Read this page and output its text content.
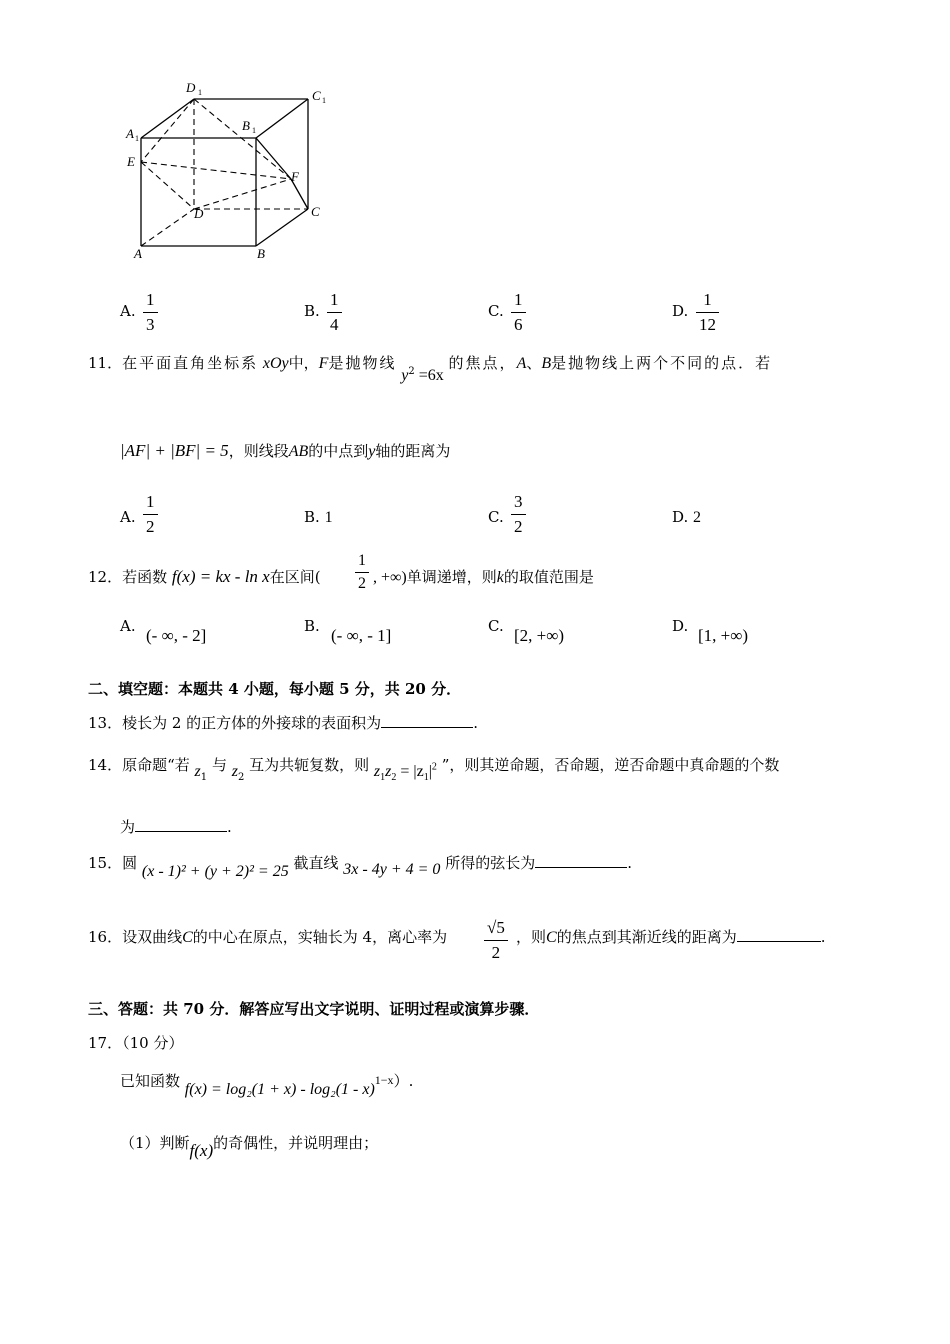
D 1	C 1
A 1
B 1
E
F
D	C
A	B
A.
1
3
B.
1
4
C.
1
6
D.
1
12
11．在平面直角坐标系 xOy中，F是抛物线 $y^2 =6x$ 的焦点，A、B是抛物线上两个不同的点．若
|AF| + |BF| = 5，则线段AB的中点到y轴的距离为
A.
1
2	B. 1	C.
3
2	D. 2
12．若函数 f(x) = kx - ln x在区间(
1
2 , +∞)单调递增，则k的取值范围是
A. (- ∞, - 2]	B. (- ∞, - 1]	C. [2, +∞)	D. [1, +∞)
二、填空题：本题共 4 小题，每小题 5 分，共 20 分．
13．棱长为 2 的正方体的外接球的表面积为	.
14．原命题“若 $z_1$ 与 $z_2$ 互为共轭复数，则 $z_1z_2 = |z_1|^2$ ”，则其逆命题，否命题，逆否命题中真命题的个数
为	.
15．圆 (x - 1)² + (y + 2)² = 25 截直线 3x - 4y + 4 = 0 所得的弦长为	.
16．设双曲线C的中心在原点，实轴长为 4，离心率为 √5
2
，则C的焦点到其渐近线的距离为	.
三、答题：共 70 分．解答应写出文字说明、证明过程或演算步骤．
17．（10 分）
已知函数 f(x) = log₂(1 + x) - log₂(1 - x)1−x）.
（1）判断f(x)的奇偶性，并说明理由；
